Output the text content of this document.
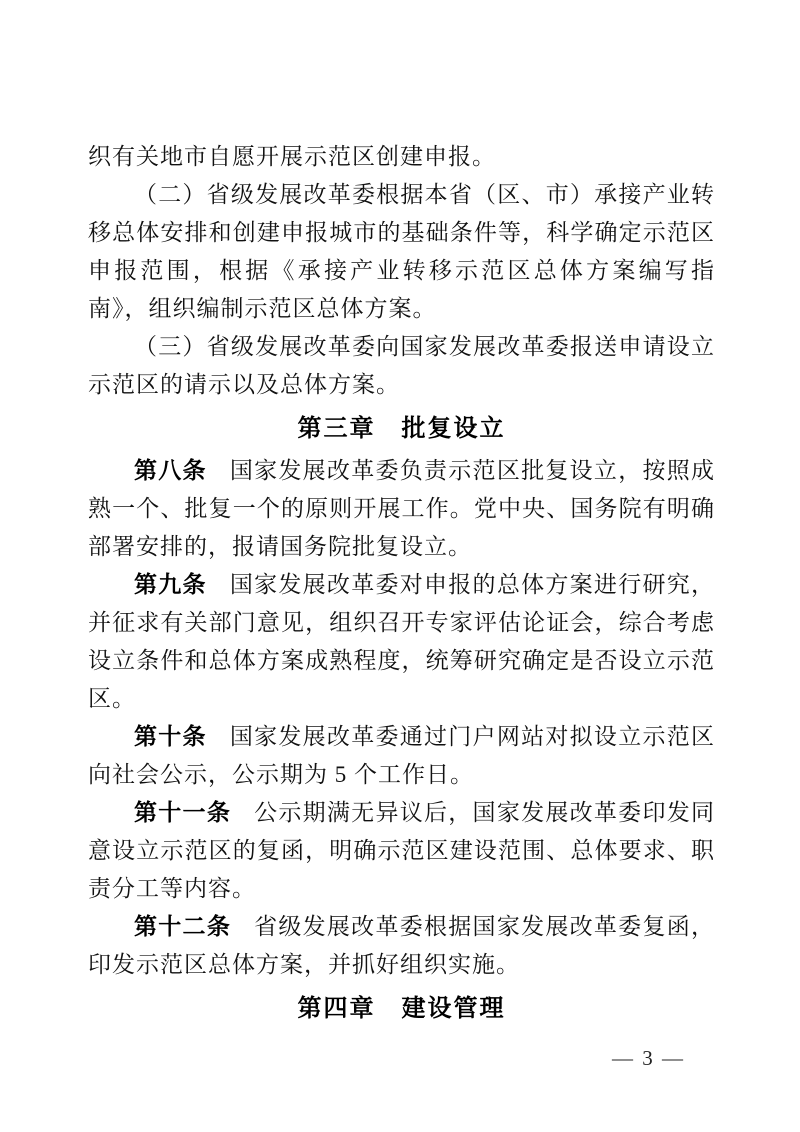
织有关地市自愿开展示范区创建申报。

（二）省级发展改革委根据本省（区、市）承接产业转移总体安排和创建申报城市的基础条件等，科学确定示范区申报范围，根据《承接产业转移示范区总体方案编写指南》，组织编制示范区总体方案。

（三）省级发展改革委向国家发展改革委报送申请设立示范区的请示以及总体方案。

第三章　批复设立

第八条 国家发展改革委负责示范区批复设立，按照成熟一个、批复一个的原则开展工作。党中央、国务院有明确部署安排的，报请国务院批复设立。

第九条 国家发展改革委对申报的总体方案进行研究，并征求有关部门意见，组织召开专家评估论证会，综合考虑设立条件和总体方案成熟程度，统筹研究确定是否设立示范区。

第十条 国家发展改革委通过门户网站对拟设立示范区向社会公示，公示期为 5 个工作日。

第十一条 公示期满无异议后，国家发展改革委印发同意设立示范区的复函，明确示范区建设范围、总体要求、职责分工等内容。

第十二条 省级发展改革委根据国家发展改革委复函，印发示范区总体方案，并抓好组织实施。

第四章　建设管理
— 3 —
